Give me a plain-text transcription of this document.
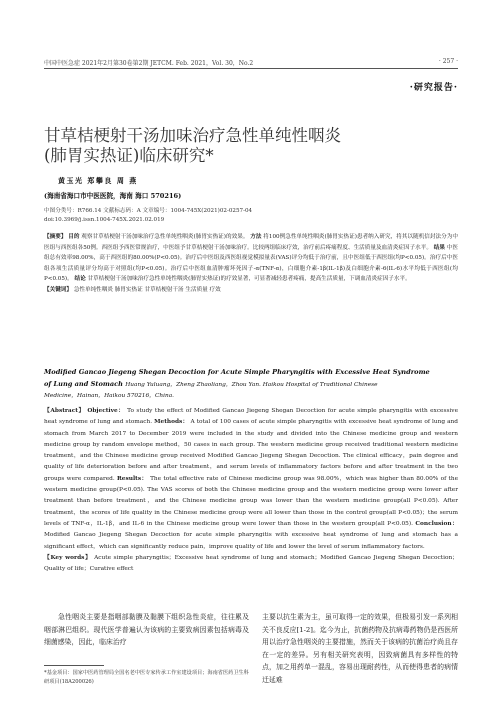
中国中医急症 2021年2月第30卷第2期 JETCM. Feb. 2021，Vol. 30，No.2	· 257 ·
·研究报告·
甘草桔梗射干汤加味治疗急性单纯性咽炎
(肺胃实热证)临床研究*
黄玉光 郑攀良 周 燕
(海南省海口市中医医院，海南 海口 570216)
中图分类号：R766.14 文献标志码：A 文章编号：1004-745X(2021)02-0257-04
doi:10.3969/j.issn.1004-745X.2021.02.019
【摘要】 目的 观察甘草桔梗射干汤加味治疗急性单纯性咽炎(肺胃实热证)的效果。 方法 将100例急性单纯性咽炎(肺胃实热证)患者纳入研究，将其以随机信封法分为中医组与西医组各50例。西医组予西医常规治疗，中医组予甘草桔梗射干汤加味治疗。比较两组临床疗效，治疗前后疼痛程度、生活质量及血清炎症因子水平。 结果 中医组总有效率98.00%，高于西医组的80.00%(P<0.05)。治疗后中医组及西医组视觉模拟量表(VAS)评分均低于治疗前，且中医组低于西医组(均P<0.05)。治疗后中医组各项生活质量评分均高于对照组(均P<0.05)。治疗后中医组血清肿瘤坏死因子-α(TNF-α)，白细胞介素-1β(IL-1β)及白细胞介素-6(IL-6)水平均低于西医组(均P<0.05)。 结论 甘草桔梗射干汤加味治疗急性单纯性咽炎(肺胃实热证)的疗效显著，可显著减轻患者疼痛，提高生活质量，下调血清炎症因子水平。
【关键词】 急性单纯性咽炎 肺胃实热证 甘草桔梗射干汤 生活质量 疗效
Modified Gancao Jiegeng Shegan Decoction for Acute Simple Pharyngitis with Excessive Heat Syndrome
of Lung and Stomach Huang Yuluang，Zheng Zhaoliang，Zhou Yan. Haikou Hospital of Traditional Chinese
Medicine，Hainan，Haikou 570216，China.
【Abstract】 Objective： To study the effect of Modified Gancao Jiegeng Shegan Decoction for acute simple pharyngitis with excessive heat syndrome of lung and stomach. Methods： A total of 100 cases of acute simple pharyngitis with excessive heat syndrome of lung and stomach from March 2017 to December 2019 were included in the study and divided into the Chinese medicine group and western medicine group by random envelope method，50 cases in each group. The western medicine group received traditional western medicine treatment，and the Chinese medicine group received Modified Gancao Jiegeng Shegan Decoction. The clinical efficacy，pain degree and quality of life deterioration before and after treatment，and serum levels of inflammatory factors before and after treatment in the two groups were compared. Results： The total effective rate of Chinese medicine group was 98.00%，which was higher than 80.00% of the western medicine group(P<0.05). The VAS scores of both the Chinese medicine group and the western medicine group were lower after treatment than before treatment，and the Chinese medicine group was lower than the western medicine group(all P<0.05). After treatment，the scores of life quality in the Chinese medicine group were all lower than those in the control group(all P<0.05)；the serum levels of TNF-α，IL-1β，and IL-6 in the Chinese medicine group were lower than those in the western group(all P<0.05). Conclusion： Modified Gancao Jiegeng Shegan Decoction for acute simple pharyngitis with excessive heat syndrome of lung and stomach has a significant effect，which can significantly reduce pain，improve quality of life and lower the level of serum inflammatory factors.
【Key words】 Acute simple pharyngitis；Excessive heat syndrome of lung and stomach；Modified Gancao Jiegeng Shegan Decoction；Quality of life；Curative effect
急性咽炎主要是指咽部黏膜及黏膜下组织急性炎症，往往累及咽部淋巴组织。现代医学普遍认为该病的主要致病因素包括病毒及细菌感染，因此，临床治疗
主要以抗生素为主，虽可取得一定的效果，但极易引发一系列相关不良反应[1-2]。迄今为止，抗菌药物及抗病毒药物仍是西医所用以治疗急性咽炎的主要措施，然而关于该病的抗菌治疗尚且存在一定的差异。另有相关研究表明，因致病菌具有多样性的特点，加之用药单一混乱，容易出现耐药性，从而使得患者的病情迁延难
*基金项目：国家中医药管理局全国名老中医专家传承工作室建设项目；海南省医药卫生科研项目(18A200026)
